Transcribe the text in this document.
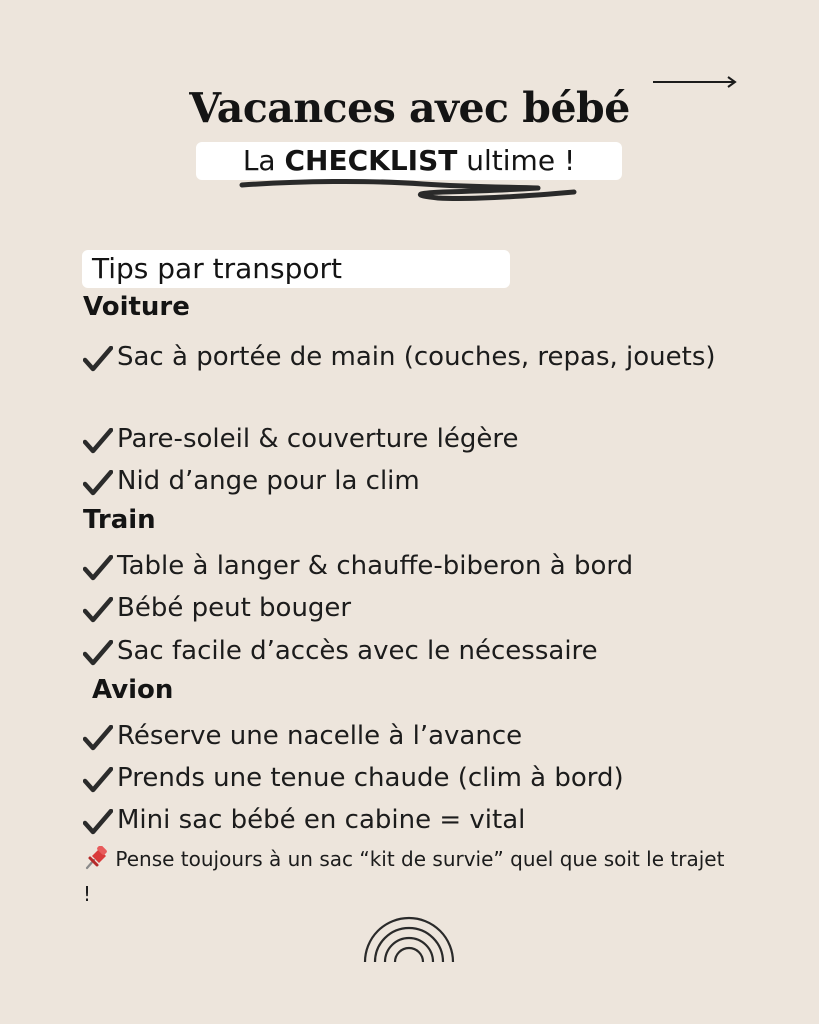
Vacances avec bébé
La CHECKLIST ultime !
Tips par transport
Voiture
Sac à portée de main (couches, repas, jouets)
Pare-soleil & couverture légère
Nid d’ange pour la clim
Train
Table à langer & chauffe-biberon à bord
Bébé peut bouger
Sac facile d’accès avec le nécessaire
Avion
Réserve une nacelle à l’avance
Prends une tenue chaude (clim à bord)
Mini sac bébé en cabine = vital
Pense toujours à un sac “kit de survie” quel que soit le trajet !
